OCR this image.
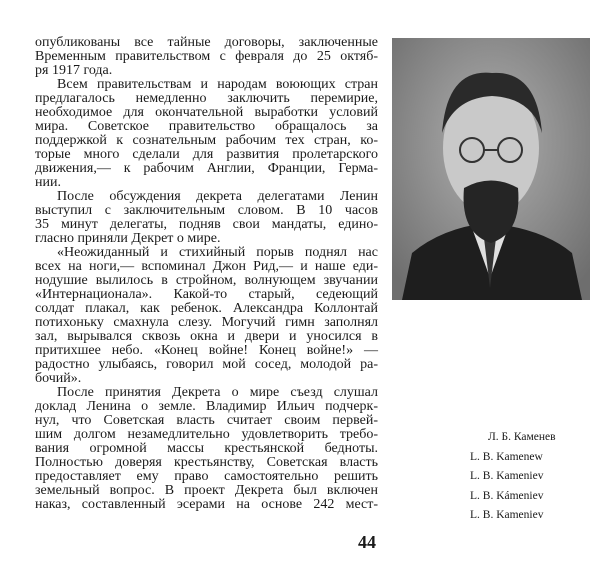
опубликованы все тайные договоры, заключенные
Временным правительством с февраля до 25 октяб-
ря 1917 года.
Всем правительствам и народам воюющих стран
предлагалось немедленно заключить перемирие,
необходимое для окончательной выработки условий
мира. Советское правительство обращалось за
поддержкой к сознательным рабочим тех стран, ко-
торые много сделали для развития пролетарского
движения,— к рабочим Англии, Франции, Герма-
нии.
После обсуждения декрета делегатами Ленин
выступил с заключительным словом. В 10 часов
35 минут делегаты, подняв свои мандаты, едино-
гласно приняли Декрет о мире.
«Неожиданный и стихийный порыв поднял нас
всех на ноги,— вспоминал Джон Рид,— и наше еди-
нодушие вылилось в стройном, волнующем звучании
«Интернационала». Какой-то старый, седеющий
солдат плакал, как ребенок. Александра Коллонтай
потихоньку смахнула слезу. Могучий гимн заполнял
зал, вырывался сквозь окна и двери и уносился в
притихшее небо. «Конец войне! Конец войне!» —
радостно улыбаясь, говорил мой сосед, молодой ра-
бочий».
После принятия Декрета о мире съезд слушал
доклад Ленина о земле. Владимир Ильич подчерк-
нул, что Советская власть считает своим первей-
шим долгом незамедлительно удовлетворить требо-
вания огромной массы крестьянской бедноты.
Полностью доверяя крестьянству, Советская власть
предоставляет ему право самостоятельно решить
земельный вопрос. В проект Декрета был включен
наказ, составленный эсерами на основе 242 мест-
Л. Б. Каменев
L. B. Kamenew
L. B. Kameniev
L. B. Kámeniev
L. B. Kameniev
44
